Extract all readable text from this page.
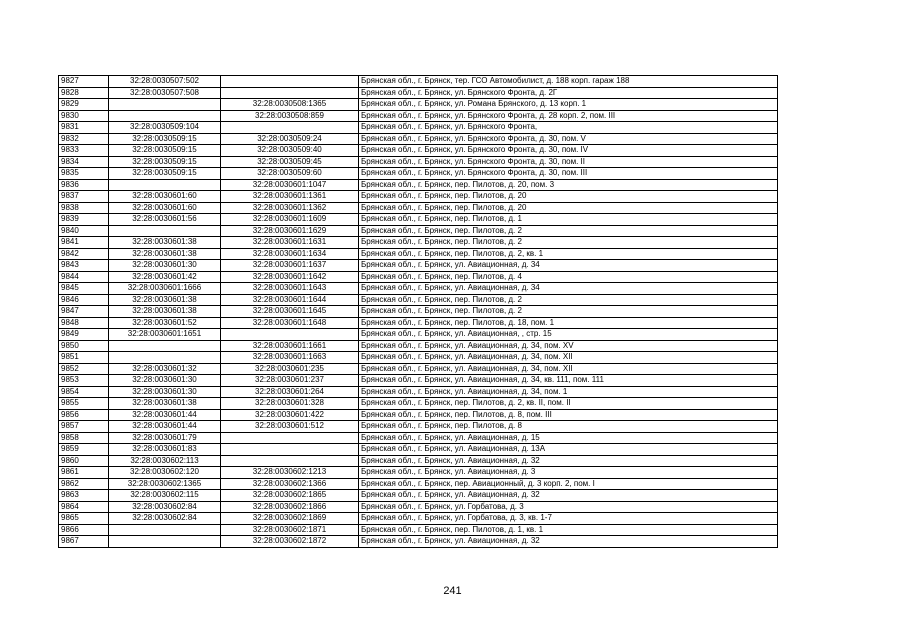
9827	32:28:0030507:502		Брянская обл., г. Брянск, тер. ГСО Автомобилист, д. 188 корп. гараж 188
9828	32:28:0030507:508		Брянская обл., г. Брянск, ул. Брянского Фронта, д. 2Г
9829		32:28:0030508:1365	Брянская обл., г. Брянск, ул. Романа Брянского, д. 13 корп. 1
9830		32:28:0030508:859	Брянская обл., г. Брянск, ул. Брянского Фронта, д. 28 корп. 2, пом. III
9831	32:28:0030509:104		Брянская обл., г. Брянск, ул. Брянского Фронта,
9832	32:28:0030509:15	32:28:0030509:24	Брянская обл., г. Брянск, ул. Брянского Фронта, д. 30, пом. V
9833	32:28:0030509:15	32:28:0030509:40	Брянская обл., г. Брянск, ул. Брянского Фронта, д. 30, пом. IV
9834	32:28:0030509:15	32:28:0030509:45	Брянская обл., г. Брянск, ул. Брянского Фронта, д. 30, пом. II
9835	32:28:0030509:15	32:28:0030509:60	Брянская обл., г. Брянск, ул. Брянского Фронта, д. 30, пом. III
9836		32:28:0030601:1047	Брянская обл., г. Брянск, пер. Пилотов, д. 20, пом. 3
9837	32:28:0030601:60	32:28:0030601:1361	Брянская обл., г. Брянск, пер. Пилотов, д. 20
9838	32:28:0030601:60	32:28:0030601:1362	Брянская обл., г. Брянск, пер. Пилотов, д. 20
9839	32:28:0030601:56	32:28:0030601:1609	Брянская обл., г. Брянск, пер. Пилотов, д. 1
9840		32:28:0030601:1629	Брянская обл., г. Брянск, пер. Пилотов, д. 2
9841	32:28:0030601:38	32:28:0030601:1631	Брянская обл., г. Брянск, пер. Пилотов, д. 2
9842	32:28:0030601:38	32:28:0030601:1634	Брянская обл., г. Брянск, пер. Пилотов, д. 2, кв. 1
9843	32:28:0030601:30	32:28:0030601:1637	Брянская обл., г. Брянск, ул. Авиационная, д. 34
9844	32:28:0030601:42	32:28:0030601:1642	Брянская обл., г. Брянск, пер. Пилотов, д. 4
9845	32:28:0030601:1666	32:28:0030601:1643	Брянская обл., г. Брянск, ул. Авиационная, д. 34
9846	32:28:0030601:38	32:28:0030601:1644	Брянская обл., г. Брянск, пер. Пилотов, д. 2
9847	32:28:0030601:38	32:28:0030601:1645	Брянская обл., г. Брянск, пер. Пилотов, д. 2
9848	32:28:0030601:52	32:28:0030601:1648	Брянская обл., г. Брянск, пер. Пилотов, д. 18, пом. 1
9849	32:28:0030601:1651		Брянская обл., г. Брянск, ул. Авиационная, , стр. 15
9850		32:28:0030601:1661	Брянская обл., г. Брянск, ул. Авиационная, д. 34, пом. XV
9851		32:28:0030601:1663	Брянская обл., г. Брянск, ул. Авиационная, д. 34, пом. XII
9852	32:28:0030601:32	32:28:0030601:235	Брянская обл., г. Брянск, ул. Авиационная, д. 34, пом. XII
9853	32:28:0030601:30	32:28:0030601:237	Брянская обл., г. Брянск, ул. Авиационная, д. 34, кв. 111, пом. 111
9854	32:28:0030601:30	32:28:0030601:264	Брянская обл., г. Брянск, ул. Авиационная, д. 34, пом. 1
9855	32:28:0030601:38	32:28:0030601:328	Брянская обл., г. Брянск, пер. Пилотов, д. 2, кв. II, пом. II
9856	32:28:0030601:44	32:28:0030601:422	Брянская обл., г. Брянск, пер. Пилотов, д. 8, пом. III
9857	32:28:0030601:44	32:28:0030601:512	Брянская обл., г. Брянск, пер. Пилотов, д. 8
9858	32:28:0030601:79		Брянская обл., г. Брянск, ул. Авиационная, д. 15
9859	32:28:0030601:83		Брянская обл., г. Брянск, ул. Авиационная, д. 13А
9860	32:28:0030602:113		Брянская обл., г. Брянск, ул. Авиационная, д. 32
9861	32:28:0030602:120	32:28:0030602:1213	Брянская обл., г. Брянск, ул. Авиационная, д. 3
9862	32:28:0030602:1365	32:28:0030602:1366	Брянская обл., г. Брянск, пер. Авиационный, д. 3 корп. 2, пом. I
9863	32:28:0030602:115	32:28:0030602:1865	Брянская обл., г. Брянск, ул. Авиационная, д. 32
9864	32:28:0030602:84	32:28:0030602:1866	Брянская обл., г. Брянск, ул. Горбатова, д. 3
9865	32:28:0030602:84	32:28:0030602:1869	Брянская обл., г. Брянск, ул. Горбатова, д. 3, кв. 1-7
9866		32:28:0030602:1871	Брянская обл., г. Брянск, пер. Пилотов, д. 1, кв. 1
9867		32:28:0030602:1872	Брянская обл., г. Брянск, ул. Авиационная, д. 32
241
